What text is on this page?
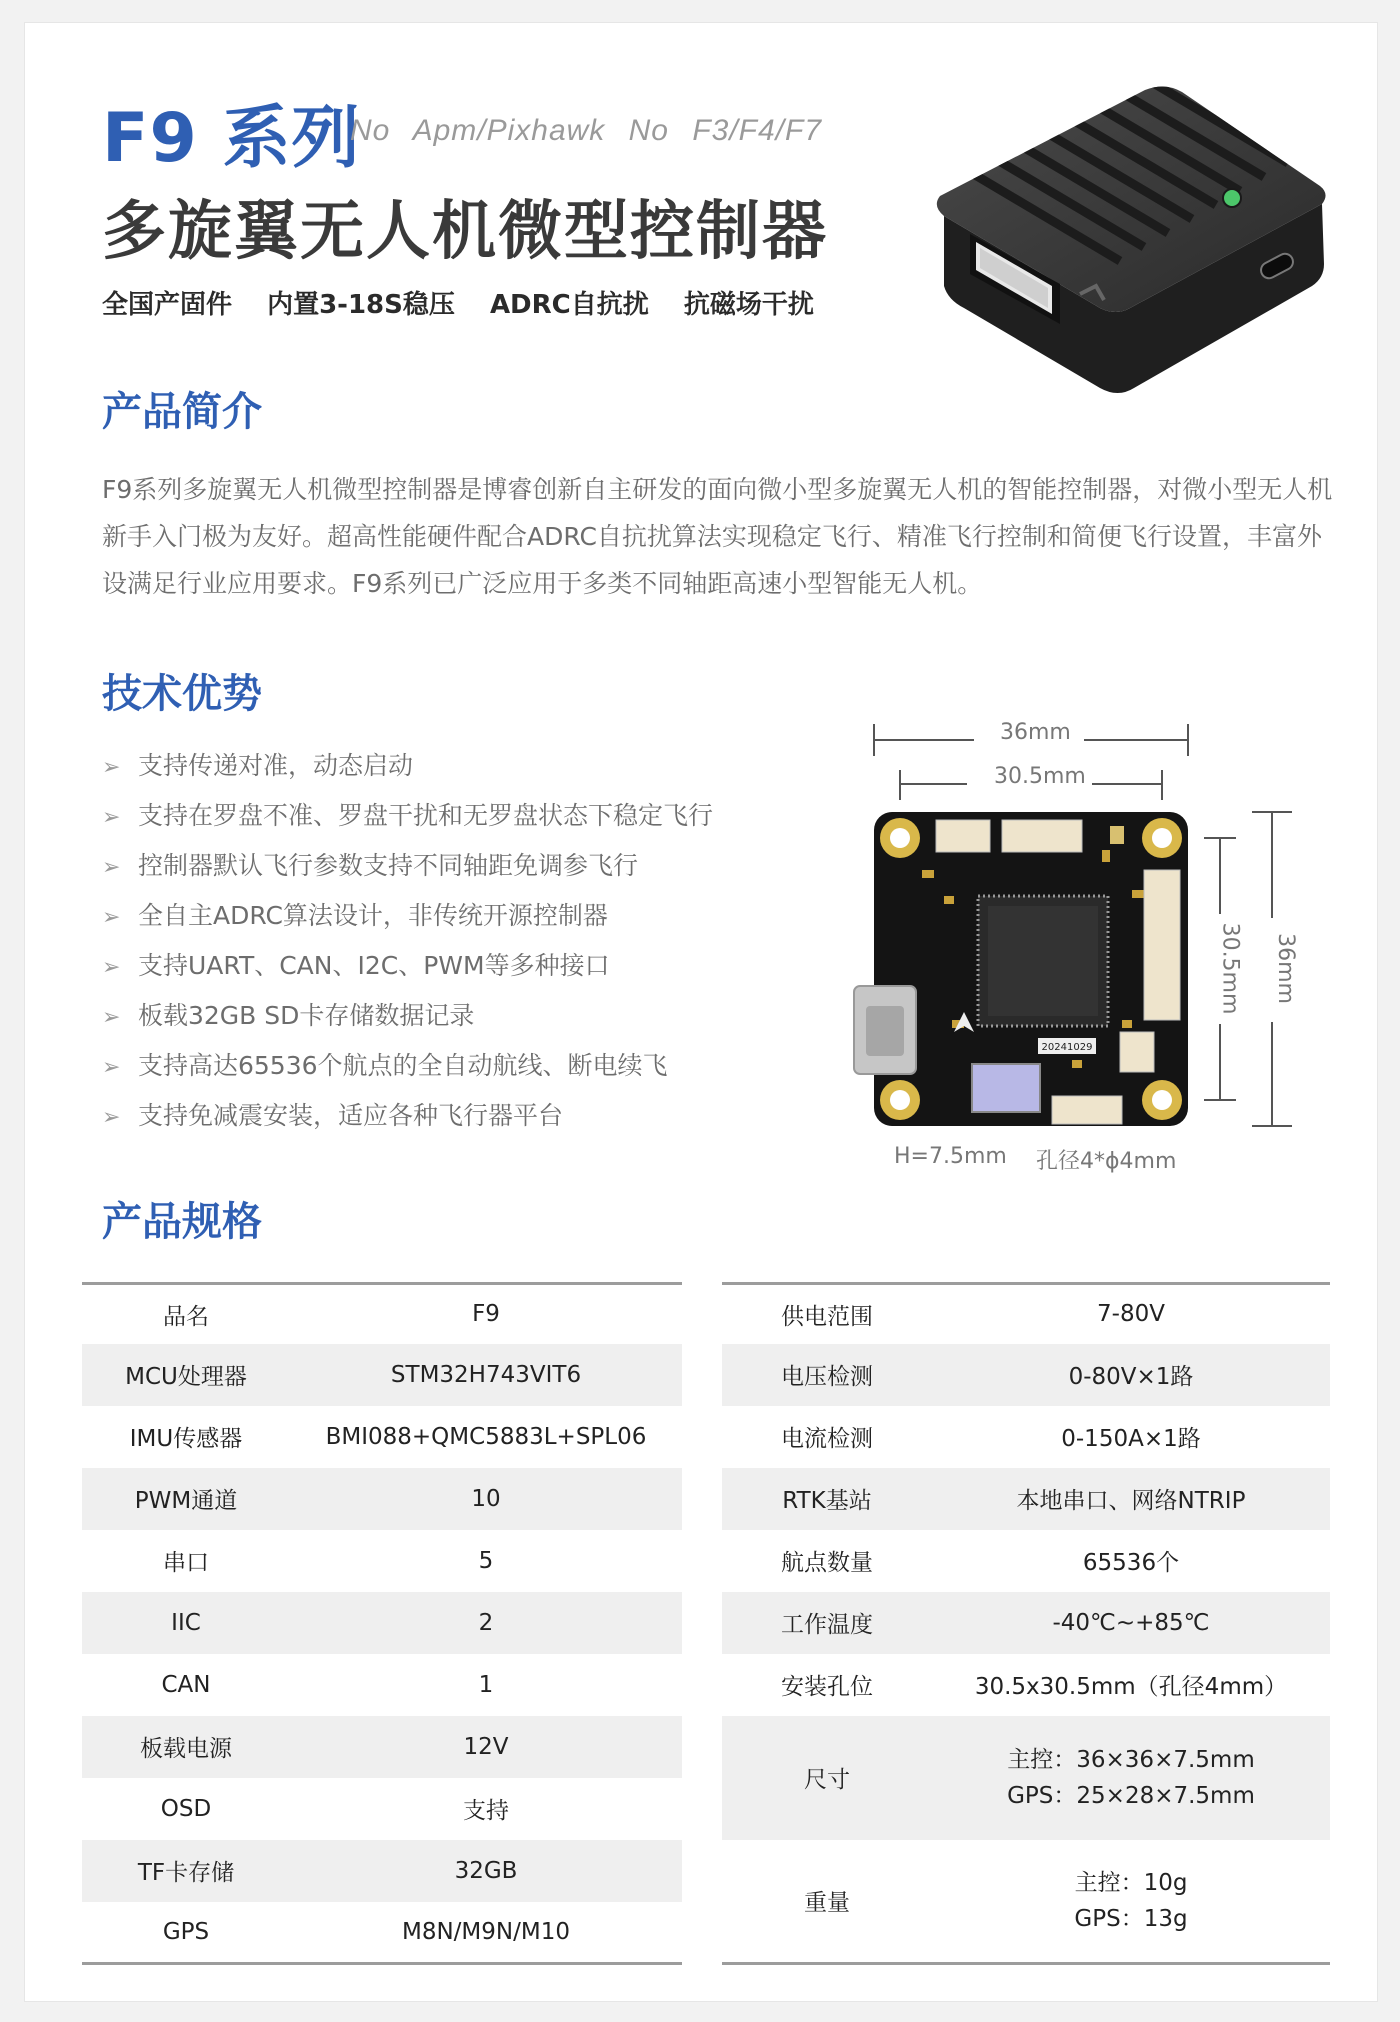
F9 系列
No Apm/Pixhawk No F3/F4/F7
多旋翼无人机微型控制器
全国产固件 内置3-18S稳压 ADRC自抗扰 抗磁场干扰
产品简介
F9系列多旋翼无人机微型控制器是博睿创新自主研发的面向微小型多旋翼无人机的智能控制器，对微小型无人机新手入门极为友好。超高性能硬件配合ADRC自抗扰算法实现稳定飞行、精准飞行控制和简便飞行设置，丰富外设满足行业应用要求。F9系列已广泛应用于多类不同轴距高速小型智能无人机。
技术优势
➢ 支持传递对准，动态启动
➢ 支持在罗盘不准、罗盘干扰和无罗盘状态下稳定飞行
➢ 控制器默认飞行参数支持不同轴距免调参飞行
➢ 全自主ADRC算法设计，非传统开源控制器
➢ 支持UART、CAN、I2C、PWM等多种接口
➢ 板载32GB SD卡存储数据记录
➢ 支持高达65536个航点的全自动航线、断电续飞
➢ 支持免减震安装，适应各种飞行器平台
20241029
36mm
30.5mm
36mm
30.5mm
H=7.5mm 孔径4*ϕ4mm
产品规格
品名	F9
MCU处理器	STM32H743VIT6
IMU传感器	BMI088+QMC5883L+SPL06
PWM通道	10
串口	5
IIC	2
CAN	1
板载电源	12V
OSD	支持
TF卡存储	32GB
GPS	M8N/M9N/M10
供电范围	7-80V
电压检测	0-80V×1路
电流检测	0-150A×1路
RTK基站	本地串口、网络NTRIP
航点数量	65536个
工作温度	-40℃~+85℃
安装孔位	30.5x30.5mm（孔径4mm）
尺寸	主控：36×36×7.5mm
GPS：25×28×7.5mm

重量	主控：10g
GPS：13g
